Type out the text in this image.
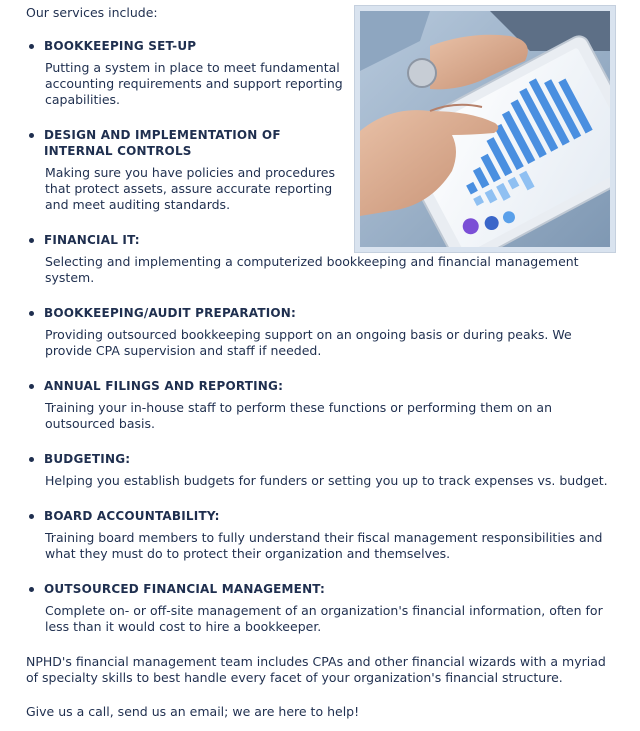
Our services include:

BOOKKEEPING SET-UP

Putting a system in place to meet fundamental accounting requirements and support reporting capabilities.

DESIGN AND IMPLEMENTATION OF INTERNAL CONTROLS

Making sure you have policies and procedures that protect assets, assure accurate reporting and meet auditing standards.

FINANCIAL IT:

Selecting and implementing a computerized bookkeeping and financial management system.

BOOKKEEPING/AUDIT PREPARATION:

Providing outsourced bookkeeping support on an ongoing basis or during peaks. We provide CPA supervision and staff if needed.

ANNUAL FILINGS AND REPORTING:

Training your in-house staff to perform these functions or performing them on an outsourced basis.

BUDGETING:

Helping you establish budgets for funders or setting you up to track expenses vs. budget.

BOARD ACCOUNTABILITY:

Training board members to fully understand their fiscal management responsibilities and what they must do to protect their organization and themselves.

OUTSOURCED FINANCIAL MANAGEMENT:

Complete on- or off-site management of an organization's financial information, often for less than it would cost to hire a bookkeeper.

NPHD's financial management team includes CPAs and other financial wizards with a myriad of specialty skills to best handle every facet of your organization's financial structure.

Give us a call, send us an email; we are here to help!
